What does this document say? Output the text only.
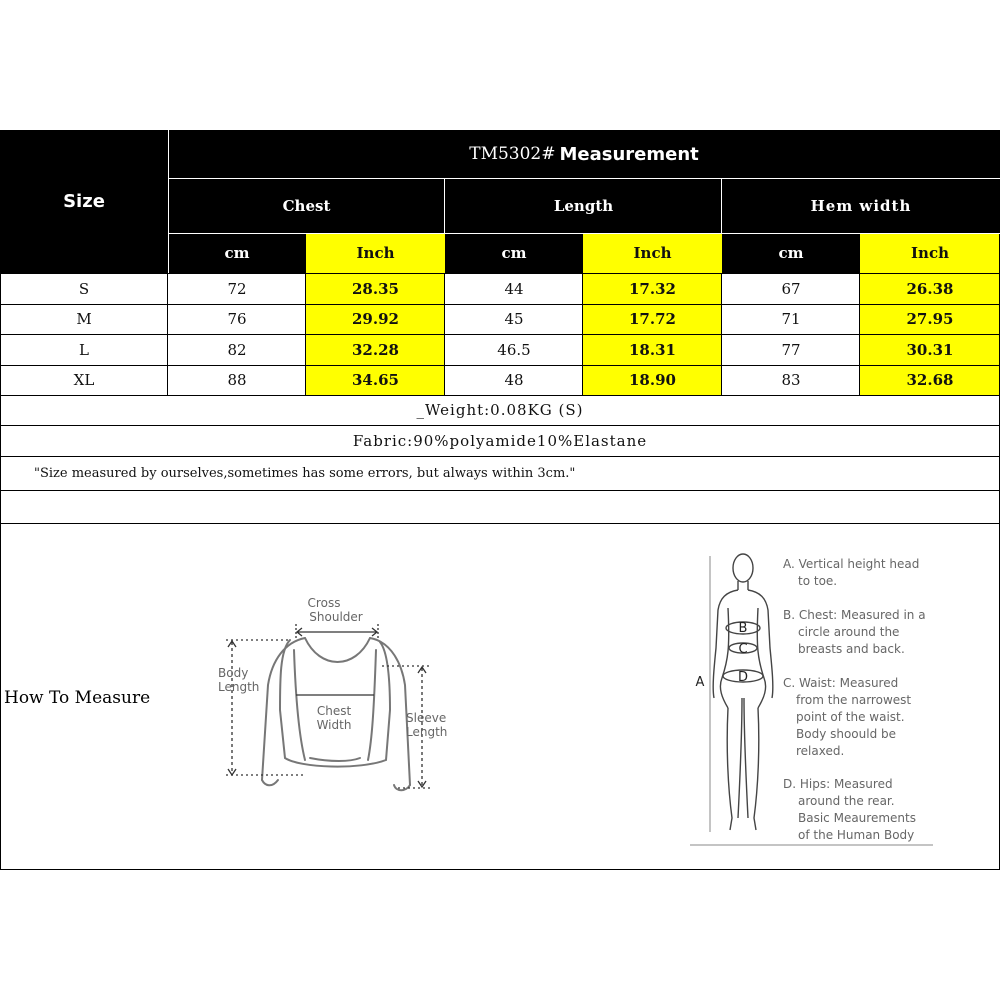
Size
TM5302# Measurement
Chest	Length	Hem width
cm	Inch	cm	Inch	cm	Inch
S	72	28.35	44	17.32	67	26.38
M	76	29.92	45	17.72	71	27.95
L	82	32.28	46.5	18.31	77	30.31
XL	88	34.65	48	18.90	83	32.68
_Weight:0.08KG (S)
Fabric:90%polyamide10%Elastane
"Size measured by ourselves,sometimes has some errors, but always within 3cm."
How To Measure
Cross
Shoulder
Body
Length
Chest
Width	Sleeve
Length
B
C
D
A
A. Vertical height head
to toe.
B. Chest: Measured in a
circle around the
breasts and back.
C. Waist: Measured
from the narrowest
point of the waist.
Body shoould be
relaxed.
D. Hips: Measured
around the rear.
Basic Meaurements
of the Human Body
